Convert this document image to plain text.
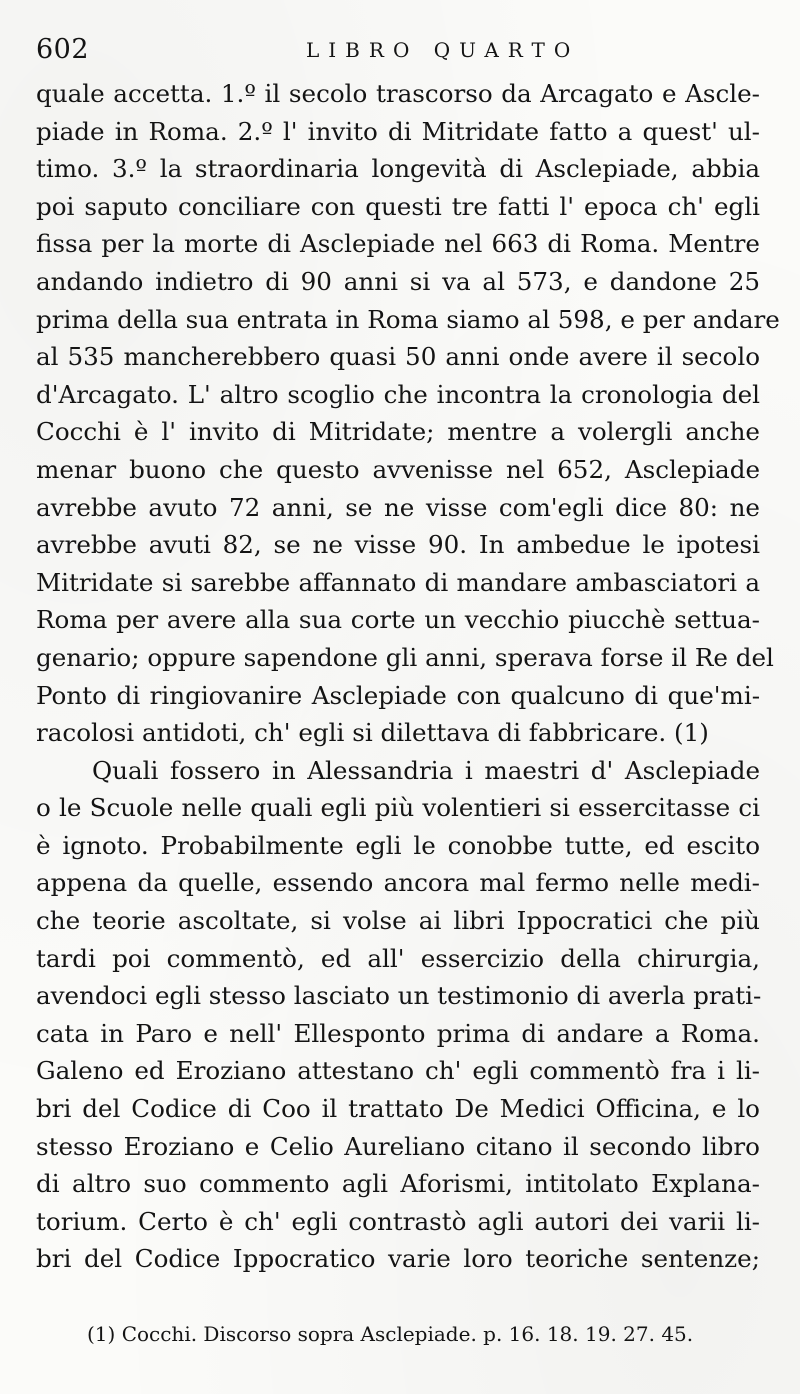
602	LIBRO QUARTO
quale accetta. 1.º il secolo trascorso da Arcagato e Ascle-
piade in Roma. 2.º l' invito di Mitridate fatto a quest' ul-
timo. 3.º la straordinaria longevità di Asclepiade, abbia
poi saputo conciliare con questi tre fatti l' epoca ch' egli
fissa per la morte di Asclepiade nel 663 di Roma. Mentre
andando indietro di 90 anni si va al 573, e dandone 25
prima della sua entrata in Roma siamo al 598, e per andare
al 535 mancherebbero quasi 50 anni onde avere il secolo
d'Arcagato. L' altro scoglio che incontra la cronologia del
Cocchi è l' invito di Mitridate; mentre a volergli anche
menar buono che questo avvenisse nel 652, Asclepiade
avrebbe avuto 72 anni, se ne visse com'egli dice 80: ne
avrebbe avuti 82, se ne visse 90. In ambedue le ipotesi
Mitridate si sarebbe affannato di mandare ambasciatori a
Roma per avere alla sua corte un vecchio piucchè settua-
genario; oppure sapendone gli anni, sperava forse il Re del
Ponto di ringiovanire Asclepiade con qualcuno di que'mi-
racolosi antidoti, ch' egli si dilettava di fabbricare. (1)
Quali fossero in Alessandria i maestri d' Asclepiade
o le Scuole nelle quali egli più volentieri si essercitasse ci
è ignoto. Probabilmente egli le conobbe tutte, ed escito
appena da quelle, essendo ancora mal fermo nelle medi-
che teorie ascoltate, si volse ai libri Ippocratici che più
tardi poi commentò, ed all' essercizio della chirurgia,
avendoci egli stesso lasciato un testimonio di averla prati-
cata in Paro e nell' Ellesponto prima di andare a Roma.
Galeno ed Eroziano attestano ch' egli commentò fra i li-
bri del Codice di Coo il trattato De Medici Officina, e lo
stesso Eroziano e Celio Aureliano citano il secondo libro
di altro suo commento agli Aforismi, intitolato Explana-
torium. Certo è ch' egli contrastò agli autori dei varii li-
bri del Codice Ippocratico varie loro teoriche sentenze;
(1) Cocchi. Discorso sopra Asclepiade. p. 16. 18. 19. 27. 45.
